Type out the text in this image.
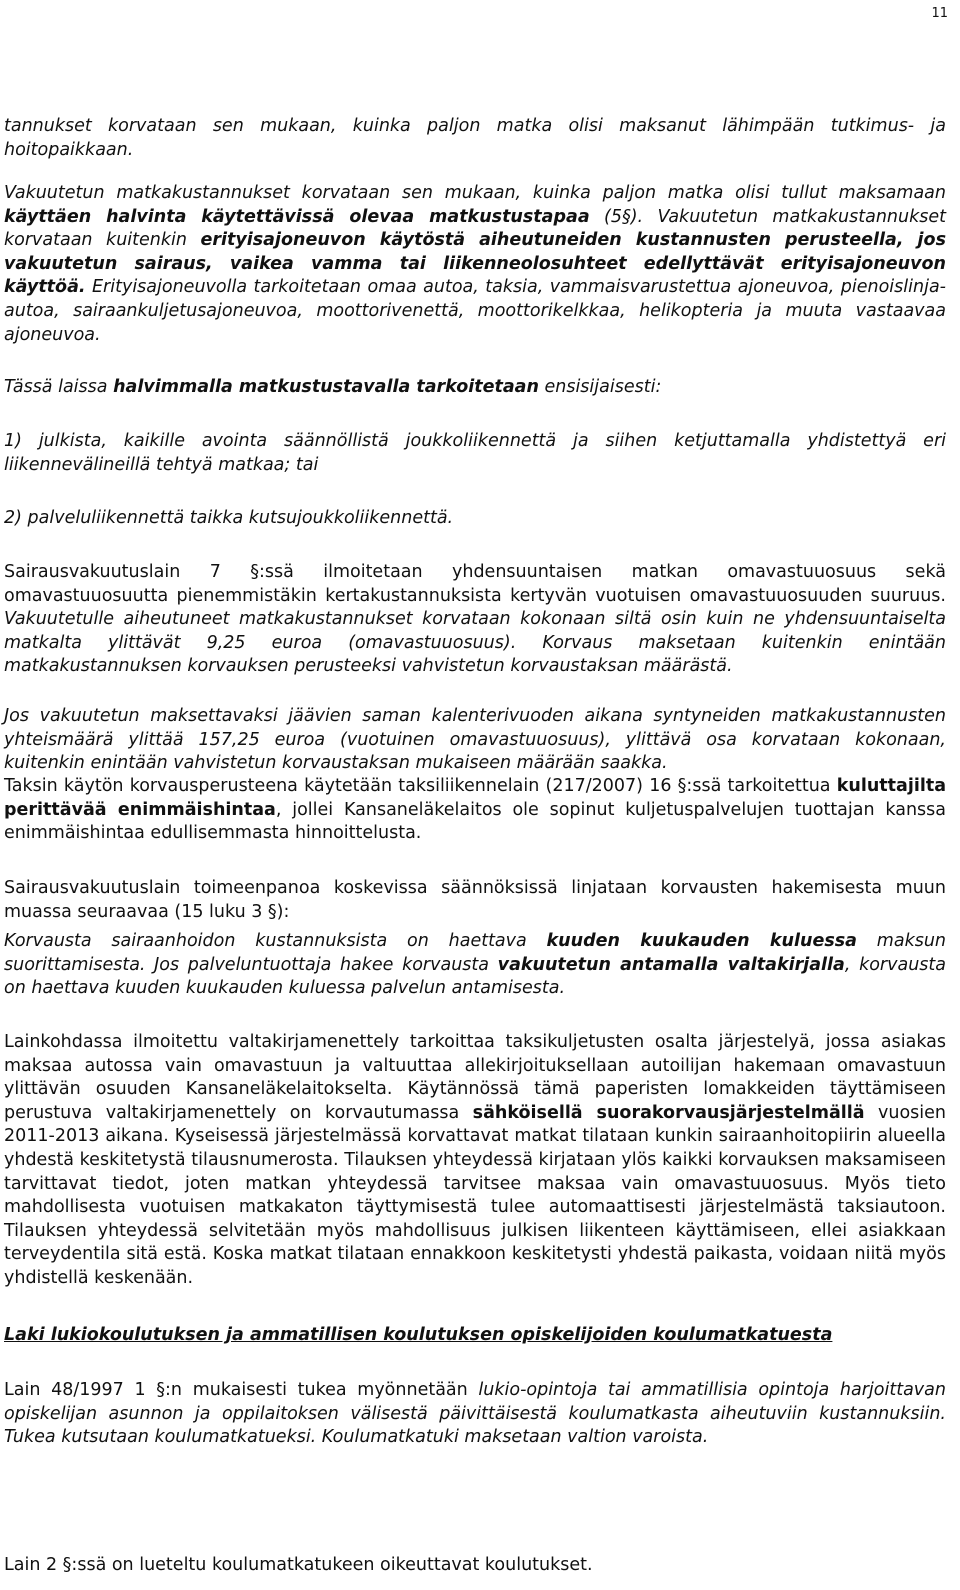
11

tannukset korvataan sen mukaan, kuinka paljon matka olisi maksanut lähimpään tutkimus- ja hoitopaikkaan.

Vakuutetun matkakustannukset korvataan sen mukaan, kuinka paljon matka olisi tullut maksamaan käyttäen halvinta käytettävissä olevaa matkustustapaa (5§). Vakuutetun matkakustannukset korvataan kuitenkin erityisajoneuvon käytöstä aiheutuneiden kustannusten perusteella, jos vakuutetun sairaus, vaikea vamma tai liikenneolosuhteet edellyttävät erityisajoneuvon käyttöä. Erityisajoneuvolla tarkoitetaan omaa autoa, taksia, vammaisvarustettua ajoneuvoa, pienoislinja-autoa, sairaankuljetusajoneuvoa, moottorivenettä, moottorikelkkaa, helikopteria ja muuta vastaavaa ajoneuvoa.

Tässä laissa halvimmalla matkustustavalla tarkoitetaan ensisijaisesti:

1) julkista, kaikille avointa säännöllistä joukkoliikennettä ja siihen ketjuttamalla yhdistettyä eri liikennevälineillä tehtyä matkaa; tai

2) palveluliikennettä taikka kutsujoukkoliikennettä.

Sairausvakuutuslain 7 §:ssä ilmoitetaan yhdensuuntaisen matkan omavastuuosuus sekä omavastuuosuutta pienemmistäkin kertakustannuksista kertyvän vuotuisen omavastuuosuuden suuruus. Vakuutetulle aiheutuneet matkakustannukset korvataan kokonaan siltä osin kuin ne yhdensuuntaiselta matkalta ylittävät 9,25 euroa (omavastuuosuus). Korvaus maksetaan kuitenkin enintään matkakustannuksen korvauksen perusteeksi vahvistetun korvaustaksan määrästä.

Jos vakuutetun maksettavaksi jäävien saman kalenterivuoden aikana syntyneiden matkakustannusten yhteismäärä ylittää 157,25 euroa (vuotuinen omavastuuosuus), ylittävä osa korvataan kokonaan, kuitenkin enintään vahvistetun korvaustaksan mukaiseen määrään saakka.

Taksin käytön korvausperusteena käytetään taksiliikennelain (217/2007) 16 §:ssä tarkoitettua kuluttajilta perittävää enimmäishintaa, jollei Kansaneläkelaitos ole sopinut kuljetuspalvelujen tuottajan kanssa enimmäishintaa edullisemmasta hinnoittelusta.

Sairausvakuutuslain toimeenpanoa koskevissa säännöksissä linjataan korvausten hakemisesta muun muassa seuraavaa (15 luku 3 §):

Korvausta sairaanhoidon kustannuksista on haettava kuuden kuukauden kuluessa maksun suorittamisesta. Jos palveluntuottaja hakee korvausta vakuutetun antamalla valtakirjalla, korvausta on haettava kuuden kuukauden kuluessa palvelun antamisesta.

Lainkohdassa ilmoitettu valtakirjamenettely tarkoittaa taksikuljetusten osalta järjestelyä, jossa asiakas maksaa autossa vain omavastuun ja valtuuttaa allekirjoituksellaan autoilijan hakemaan omavastuun ylittävän osuuden Kansaneläkelaitokselta. Käytännössä tämä paperisten lomakkeiden täyttämiseen perustuva valtakirjamenettely on korvautumassa sähköisellä suorakorvausjärjestelmällä vuosien 2011-2013 aikana. Kyseisessä järjestelmässä korvattavat matkat tilataan kunkin sairaanhoitopiirin alueella yhdestä keskitetystä tilausnumerosta. Tilauksen yhteydessä kirjataan ylös kaikki korvauksen maksamiseen tarvittavat tiedot, joten matkan yhteydessä tarvitsee maksaa vain omavastuuosuus. Myös tieto mahdollisesta vuotuisen matkakaton täyttymisestä tulee automaattisesti järjestelmästä taksiautoon. Tilauksen yhteydessä selvitetään myös mahdollisuus julkisen liikenteen käyttämiseen, ellei asiakkaan terveydentila sitä estä. Koska matkat tilataan ennakkoon keskitetysti yhdestä paikasta, voidaan niitä myös yhdistellä keskenään.

Laki lukiokoulutuksen ja ammatillisen koulutuksen opiskelijoiden koulumatkatuesta

Lain 48/1997 1 §:n mukaisesti tukea myönnetään lukio-opintoja tai ammatillisia opintoja harjoittavan opiskelijan asunnon ja oppilaitoksen välisestä päivittäisestä koulumatkasta aiheutuviin kustannuksiin. Tukea kutsutaan koulumatkatueksi. Koulumatkatuki maksetaan valtion varoista.

Lain 2 §:ssä on lueteltu koulumatkatukeen oikeuttavat koulutukset.
